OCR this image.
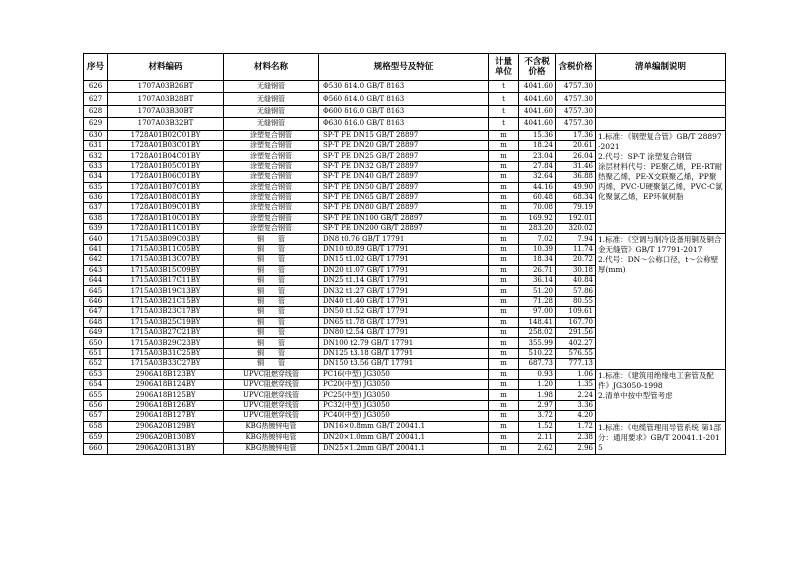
序号	材料编码	材料名称	规格型号及特征	计量单位	不含税价格	含税价格	清单编制说明
626	1707A03B26BT	无缝钢管	Φ530 δ14.0 GB/T 8163	t	4041.60	4757.30	
627	1707A03B28BT	无缝钢管	Φ560 δ14.0 GB/T 8163	t	4041.60	4757.30	
628	1707A03B30BT	无缝钢管	Φ600 δ16.0 GB/T 8163	t	4041.60	4757.30	
629	1707A03B32BT	无缝钢管	Φ630 δ16.0 GB/T 8163	t	4041.60	4757.30	
630	1728A01B02C01BY	涂塑复合钢管	SP-T PE DN15 GB/T 28897	m	15.36	17.36	1.标准：《钢塑复合管》GB/T 28897-2021
2.代号：SP-T 涂塑复合钢管
涂层材料代号：PE聚乙烯，PE-RT耐热聚乙烯，PE-X交联聚乙烯，PP聚丙烯，PVC-U硬聚氯乙烯，PVC-C氯化聚氯乙烯，EP环氧树脂
631	1728A01B03C01BY	涂塑复合钢管	SP-T PE DN20 GB/T 28897	m	18.24	20.61	
632	1728A01B04C01BY	涂塑复合钢管	SP-T PE DN25 GB/T 28897	m	23.04	26.04	
633	1728A01B05C01BY	涂塑复合钢管	SP-T PE DN32 GB/T 28897	m	27.84	31.46	
634	1728A01B06C01BY	涂塑复合钢管	SP-T PE DN40 GB/T 28897	m	32.64	36.88	
635	1728A01B07C01BY	涂塑复合钢管	SP-T PE DN50 GB/T 28897	m	44.16	49.90	
636	1728A01B08C01BY	涂塑复合钢管	SP-T PE DN65 GB/T 28897	m	60.48	68.34	
637	1728A01B09C01BY	涂塑复合钢管	SP-T PE DN80 GB/T 28897	m	70.08	79.19	
638	1728A01B10C01BY	涂塑复合钢管	SP-T PE DN100 GB/T 28897	m	169.92	192.01	
639	1728A01B11C01BY	涂塑复合钢管	SP-T PE DN200 GB/T 28897	m	283.20	320.02	
640	1715A03B09C03BY	铜　　管	DN8 t0.76 GB/T 17791	m	7.02	7.94	1.标准：《空调与制冷设备用铜及铜合金无缝管》GB/T 17791-2017
2.代号：DN～公称口径，t～公称壁厚(mm)
641	1715A03B11C05BY	铜　　管	DN10 t0.89 GB/T 17791	m	10.39	11.74	
642	1715A03B13C07BY	铜　　管	DN15 t1.02 GB/T 17791	m	18.34	20.72	
643	1715A03B15C09BY	铜　　管	DN20 t1.07 GB/T 17791	m	26.71	30.18	
644	1715A03B17C11BY	铜　　管	DN25 t1.14 GB/T 17791	m	36.14	40.84	
645	1715A03B19C13BY	铜　　管	DN32 t1.27 GB/T 17791	m	51.20	57.86	
646	1715A03B21C15BY	铜　　管	DN40 t1.40 GB/T 17791	m	71.28	80.55	
647	1715A03B23C17BY	铜　　管	DN50 t1.52 GB/T 17791	m	97.00	109.61	
648	1715A03B25C19BY	铜　　管	DN65 t1.78 GB/T 17791	m	148.41	167.70	
649	1715A03B27C21BY	铜　　管	DN80 t2.54 GB/T 17791	m	258.02	291.56	
650	1715A03B29C23BY	铜　　管	DN100 t2.79 GB/T 17791	m	355.99	402.27	
651	1715A03B31C25BY	铜　　管	DN125 t3.18 GB/T 17791	m	510.22	576.55	
652	1715A03B33C27BY	铜　　管	DN150 t3.56 GB/T 17791	m	687.73	777.13	
653	2906A18B123BY	UPVC阻燃穿线管	PC16(中型) JG3050	m	0.93	1.06	1.标准：《建筑用绝缘电工套管及配件》JG3050-1998
2.清单中按中型管考虑
654	2906A18B124BY	UPVC阻燃穿线管	PC20(中型) JG3050	m	1.20	1.35	
655	2906A18B125BY	UPVC阻燃穿线管	PC25(中型) JG3050	m	1.98	2.24	
656	2906A18B126BY	UPVC阻燃穿线管	PC32(中型) JG3050	m	2.97	3.36	
657	2906A18B127BY	UPVC阻燃穿线管	PC40(中型) JG3050	m	3.72	4.20	
658	2906A20B129BY	KBG热镀锌电管	DN16×0.8mm GB/T 20041.1	m	1.52	1.72	1.标准：《电缆管理用导管系统 第1部分：通用要求》GB/T 20041.1-2015
659	2906A20B130BY	KBG热镀锌电管	DN20×1.0mm GB/T 20041.1	m	2.11	2.38	
660	2906A20B131BY	KBG热镀锌电管	DN25×1.2mm GB/T 20041.1	m	2.62	2.96	
